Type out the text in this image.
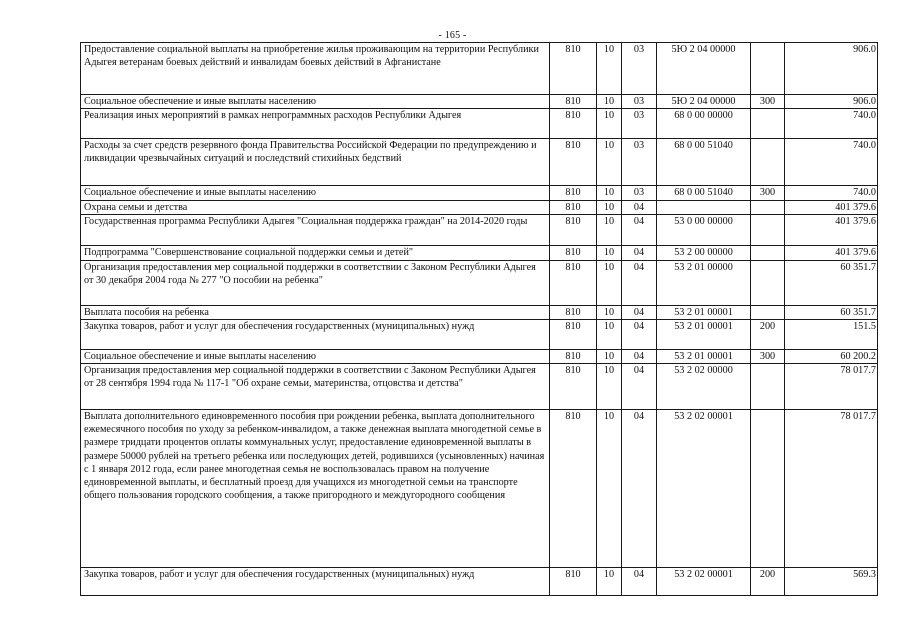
- 165 -
Предоставление социальной выплаты на приобретение жилья проживающим на территории Республики Адыгея ветеранам боевых действий и инвалидам боевых действий в Афганистане	810	10	03	5Ю 2 04 00000		906.0
Социальное обеспечение и иные выплаты населению	810	10	03	5Ю 2 04 00000	300	906.0
Реализация иных мероприятий в рамках непрограммных расходов Республики Адыгея	810	10	03	68 0 00 00000		740.0
Расходы за счет средств резервного фонда Правительства Российской Федерации по предупреждению и ликвидации чрезвычайных ситуаций и последствий стихийных бедствий	810	10	03	68 0 00 51040		740.0
Социальное обеспечение и иные выплаты населению	810	10	03	68 0 00 51040	300	740.0
Охрана семьи и детства	810	10	04			401 379.6
Государственная программа Республики Адыгея "Социальная поддержка граждан" на 2014-2020 годы	810	10	04	53 0 00 00000		401 379.6
Подпрограмма "Совершенствование социальной поддержки семьи и детей"	810	10	04	53 2 00 00000		401 379.6
Организация предоставления мер социальной поддержки в соответствии с Законом Республики Адыгея от 30 декабря 2004 года № 277 "О пособии на ребенка"	810	10	04	53 2 01 00000		60 351.7
Выплата пособия на ребенка	810	10	04	53 2 01 00001		60 351.7
Закупка товаров, работ и услуг для обеспечения государственных (муниципальных) нужд	810	10	04	53 2 01 00001	200	151.5
Социальное обеспечение и иные выплаты населению	810	10	04	53 2 01 00001	300	60 200.2
Организация предоставления мер социальной поддержки в соответствии с Законом Республики Адыгея от 28 сентября 1994 года № 117-1 "Об охране семьи, материнства, отцовства и детства"	810	10	04	53 2 02 00000		78 017.7
Выплата дополнительного единовременного пособия при рождении ребенка, выплата дополнительного ежемесячного пособия по уходу за ребенком-инвалидом, а также денежная выплата многодетной семье в размере тридцати процентов оплаты коммунальных услуг, предоставление единовременной выплаты в размере 50000 рублей на третьего ребенка или последующих детей, родившихся (усыновленных) начиная с 1 января 2012 года, если ранее многодетная семья не воспользовалась правом на получение единовременной выплаты, и бесплатный проезд для учащихся из многодетной семьи на транспорте общего пользования городского сообщения, а также пригородного и междугородного сообщения	810	10	04	53 2 02 00001		78 017.7
Закупка товаров, работ и услуг для обеспечения государственных (муниципальных) нужд	810	10	04	53 2 02 00001	200	569.3
